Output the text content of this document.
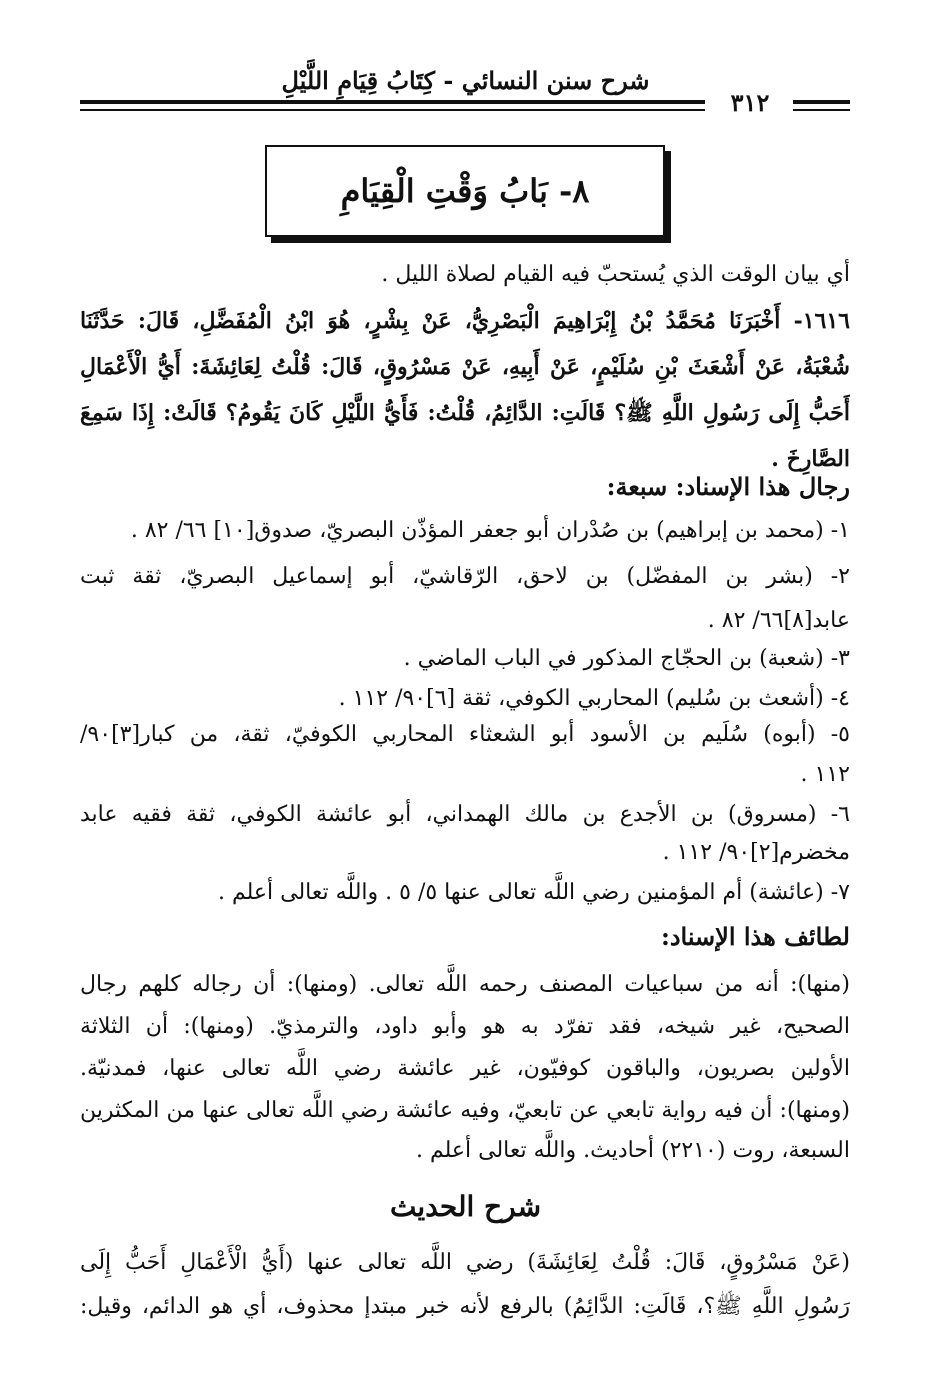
شرح سنن النسائي - كِتَابُ قِيَامِ اللَّيْلِ
٣١٢
٨- بَابُ وَقْتِ الْقِيَامِ
أي بيان الوقت الذي يُستحبّ فيه القيام لصلاة الليل .
١٦١٦- أَخْبَرَنَا مُحَمَّدُ بْنُ إِبْرَاهِيمَ الْبَصْرِيُّ، عَنْ بِشْرٍ، هُوَ ابْنُ الْمُفَضَّلِ، قَالَ: حَدَّثَنَا
شُعْبَةُ، عَنْ أَشْعَثَ بْنِ سُلَيْمٍ، عَنْ أَبِيهِ، عَنْ مَسْرُوقٍ، قَالَ: قُلْتُ لِعَائِشَةَ: أَيُّ الْأَعْمَالِ
أَحَبُّ إِلَى رَسُولِ اللَّهِ ﷺ؟ قَالَتِ: الدَّائِمُ، قُلْتُ: فَأَيُّ اللَّيْلِ كَانَ يَقُومُ؟ قَالَتْ: إِذَا سَمِعَ
الصَّارِخَ .
رجال هذا الإسناد: سبعة:
١- (محمد بن إبراهيم) بن صُدْران أبو جعفر المؤذّن البصريّ، صدوق[١٠] ٦٦/ ٨٢ .
٢- (بشر بن المفضّل) بن لاحق، الرّقاشيّ، أبو إسماعيل البصريّ، ثقة ثبت
عابد[٨]٦٦/ ٨٢ .
٣- (شعبة) بن الحجّاج المذكور في الباب الماضي .
٤- (أشعث بن سُليم) المحاربي الكوفي، ثقة [٦]٩٠/ ١١٢ .
٥- (أبوه) سُلَيم بن الأسود أبو الشعثاء المحاربي الكوفيّ، ثقة، من كبار[٣]٩٠/
١١٢ .
٦- (مسروق) بن الأجدع بن مالك الهمداني، أبو عائشة الكوفي، ثقة فقيه عابد
مخضرم[٢]٩٠/ ١١٢ .
٧- (عائشة) أم المؤمنين رضي اللَّه تعالى عنها ٥/ ٥ . واللَّه تعالى أعلم .
لطائف هذا الإسناد:
(منها): أنه من سباعيات المصنف رحمه اللَّه تعالى. (ومنها): أن رجاله كلهم رجال
الصحيح، غير شيخه، فقد تفرّد به هو وأبو داود، والترمذيّ. (ومنها): أن الثلاثة
الأولين بصريون، والباقون كوفيّون، غير عائشة رضي اللَّه تعالى عنها، فمدنيّة.
(ومنها): أن فيه رواية تابعي عن تابعيّ، وفيه عائشة رضي اللَّه تعالى عنها من المكثرين
السبعة، روت (٢٢١٠) أحاديث. واللَّه تعالى أعلم .
شرح الحديث
(عَنْ مَسْرُوقٍ، قَالَ: قُلْتُ لِعَائِشَةَ) رضي اللَّه تعالى عنها (أَيُّ الْأَعْمَالِ أَحَبُّ إِلَى
رَسُولِ اللَّهِ ﷺ؟، قَالَتِ: الدَّائِمُ) بالرفع لأنه خبر مبتدإ محذوف، أي هو الدائم، وقيل:
